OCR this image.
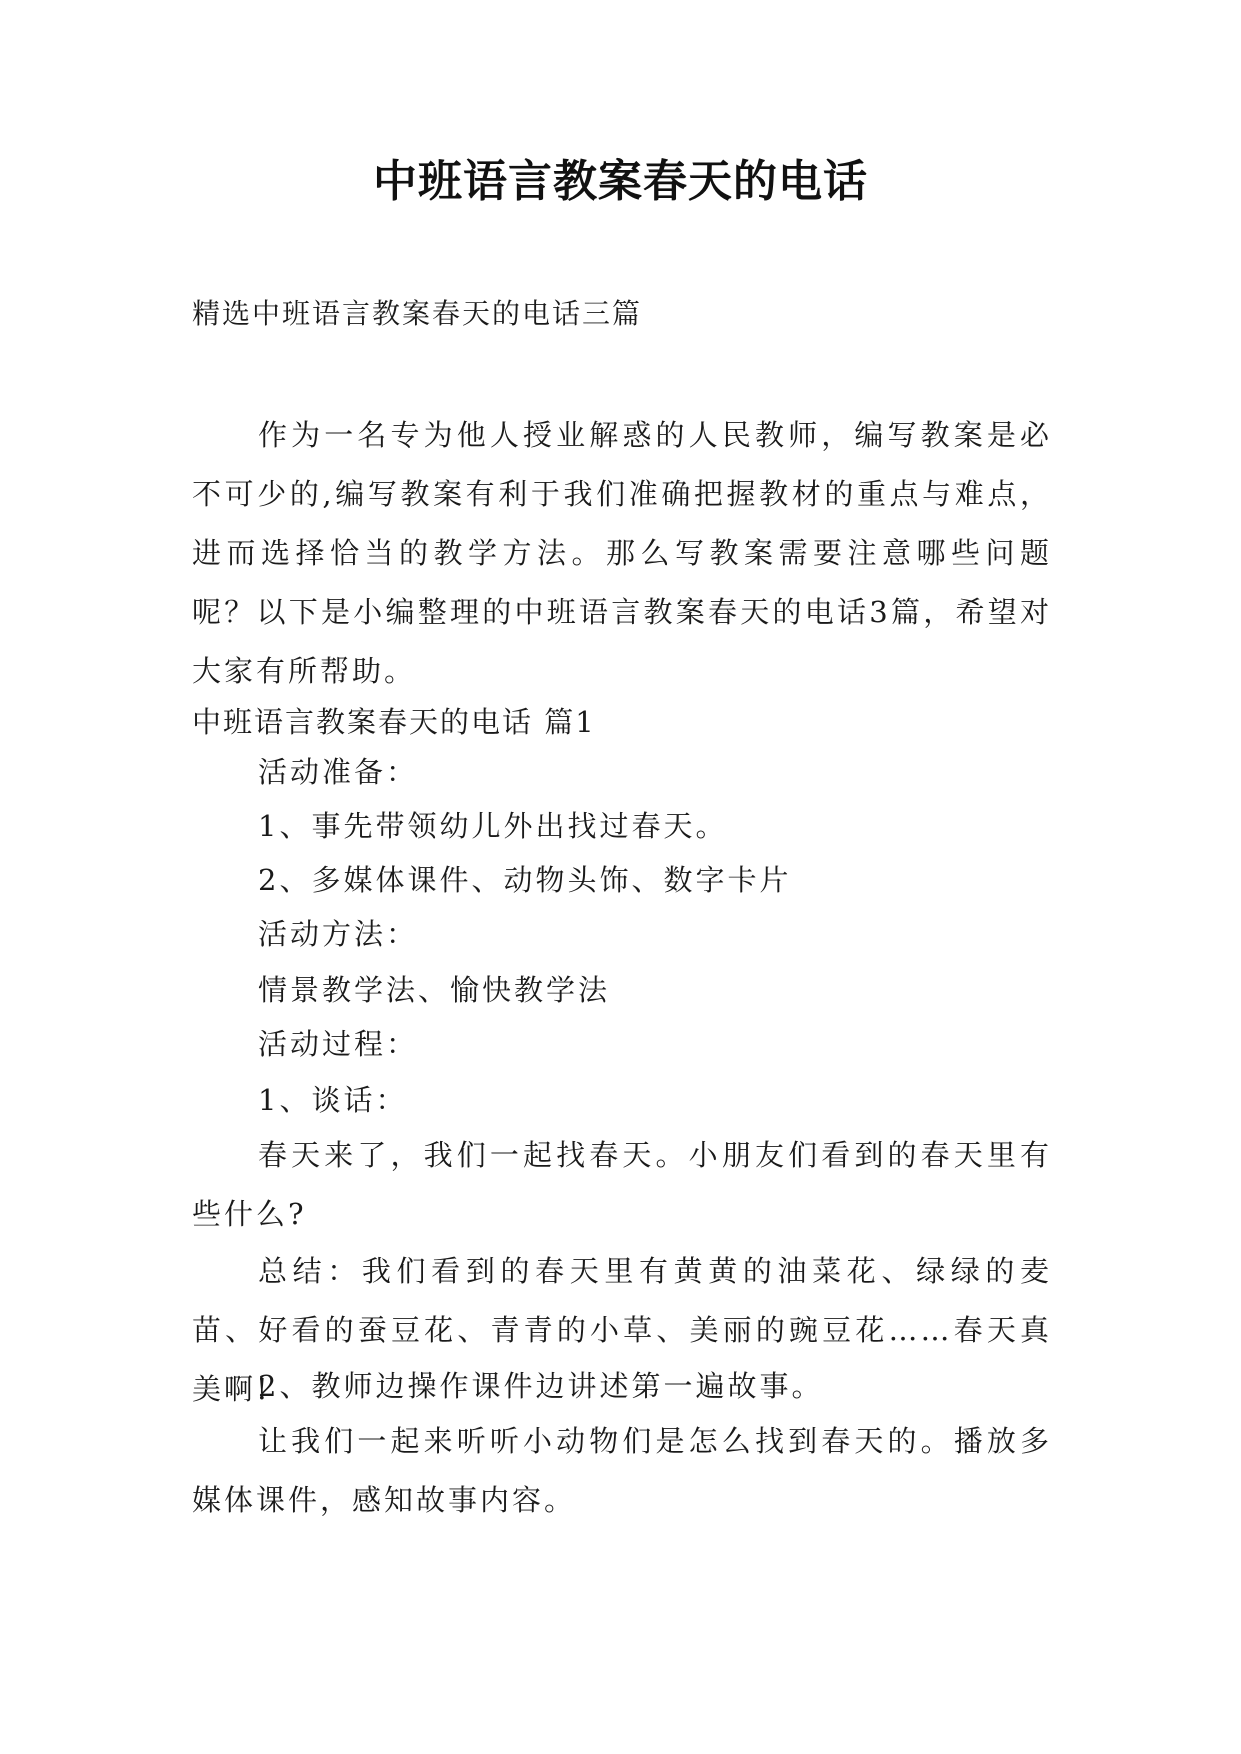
中班语言教案春天的电话

精选中班语言教案春天的电话三篇

作为一名专为他人授业解惑的人民教师，编写教案是必不可少的,编写教案有利于我们准确把握教材的重点与难点，进而选择恰当的教学方法。那么写教案需要注意哪些问题呢？以下是小编整理的中班语言教案春天的电话3篇，希望对大家有所帮助。

中班语言教案春天的电话 篇1

活动准备：

1、事先带领幼儿外出找过春天。

2、多媒体课件、动物头饰、数字卡片

活动方法：

情景教学法、愉快教学法

活动过程：

1、谈话：

春天来了，我们一起找春天。小朋友们看到的春天里有些什么?

总结：我们看到的春天里有黄黄的油菜花、绿绿的麦苗、好看的蚕豆花、青青的小草、美丽的豌豆花……春天真美啊!

2、教师边操作课件边讲述第一遍故事。

让我们一起来听听小动物们是怎么找到春天的。播放多媒体课件，感知故事内容。
